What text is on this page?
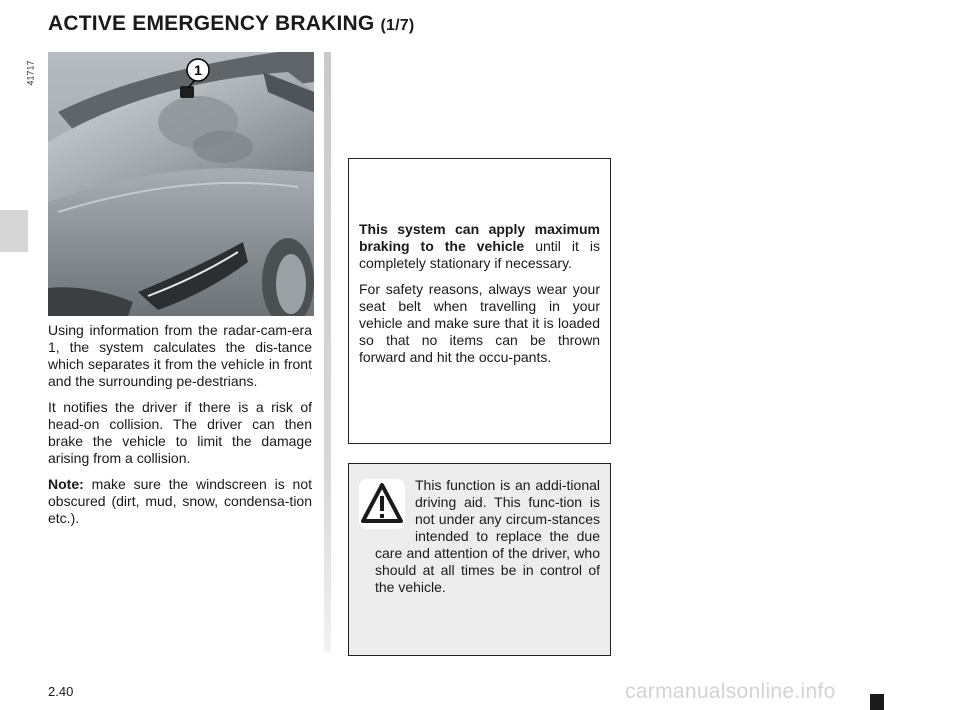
ACTIVE EMERGENCY BRAKING (1/7)
41717	1

Using information from the radar-cam-era 1, the system calculates the dis-tance which separates it from the vehicle in front and the surrounding pe-destrians.

It notifies the driver if there is a risk of head-on collision. The driver can then brake the vehicle to limit the damage arising from a collision.

Note: make sure the windscreen is not obscured (dirt, mud, snow, condensa-tion etc.).

This system can apply maximum braking to the vehicle until it is completely stationary if necessary.

For safety reasons, always wear your seat belt when travelling in your vehicle and make sure that it is loaded so that no items can be thrown forward and hit the occu-pants.

This function is an addi-tional driving aid. This func-tion is not under any circum-stances intended to replace the due care and attention of the driver, who should at all times be in control of the vehicle.
2.40	carmanualsonline.info
